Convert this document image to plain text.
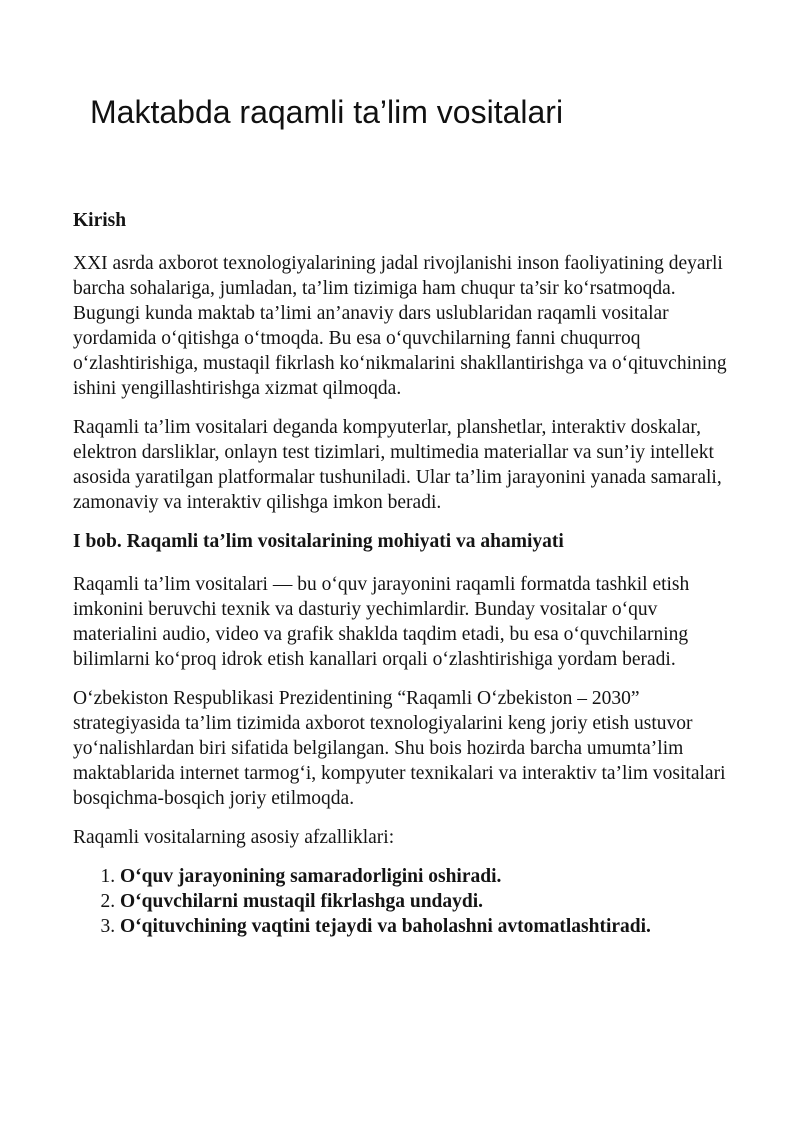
Maktabda raqamli ta’lim vositalari
Kirish

XXI asrda axborot texnologiyalarining jadal rivojlanishi inson faoliyatining deyarli barcha sohalariga, jumladan, ta’lim tizimiga ham chuqur ta’sir ko‘rsatmoqda. Bugungi kunda maktab ta’limi an’anaviy dars uslublaridan raqamli vositalar yordamida o‘qitishga o‘tmoqda. Bu esa o‘quvchilarning fanni chuqurroq o‘zlashtirishiga, mustaqil fikrlash ko‘nikmalarini shakllantirishga va o‘qituvchining ishini yengillashtirishga xizmat qilmoqda.

Raqamli ta’lim vositalari deganda kompyuterlar, planshetlar, interaktiv doskalar, elektron darsliklar, onlayn test tizimlari, multimedia materiallar va sun’iy intellekt asosida yaratilgan platformalar tushuniladi. Ular ta’lim jarayonini yanada samarali, zamonaviy va interaktiv qilishga imkon beradi.

I bob. Raqamli ta’lim vositalarining mohiyati va ahamiyati

Raqamli ta’lim vositalari — bu o‘quv jarayonini raqamli formatda tashkil etish imkonini beruvchi texnik va dasturiy yechimlardir. Bunday vositalar o‘quv materialini audio, video va grafik shaklda taqdim etadi, bu esa o‘quvchilarning bilimlarni ko‘proq idrok etish kanallari orqali o‘zlashtirishiga yordam beradi.

O‘zbekiston Respublikasi Prezidentining “Raqamli O‘zbekiston – 2030” strategiyasida ta’lim tizimida axborot texnologiyalarini keng joriy etish ustuvor yo‘nalishlardan biri sifatida belgilangan. Shu bois hozirda barcha umumta’lim maktablarida internet tarmog‘i, kompyuter texnikalari va interaktiv ta’lim vositalari bosqichma-bosqich joriy etilmoqda.

Raqamli vositalarning asosiy afzalliklari:

1. O‘quv jarayonining samaradorligini oshiradi.
2. O‘quvchilarni mustaqil fikrlashga undaydi.
3. O‘qituvchining vaqtini tejaydi va baholashni avtomatlashtiradi.
